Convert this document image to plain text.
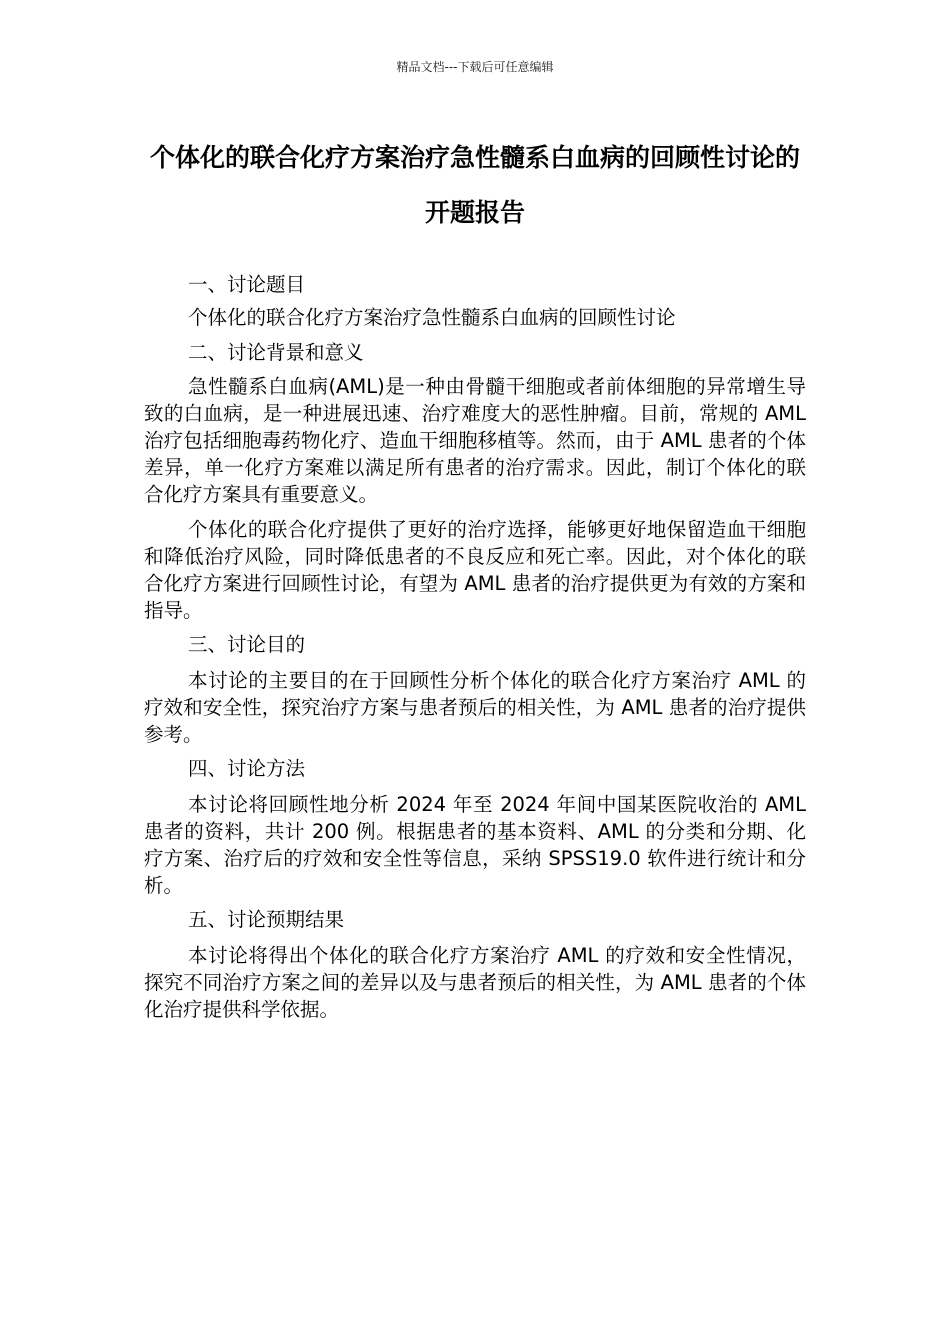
精品文档---下载后可任意编辑
个体化的联合化疗方案治疗急性髓系白血病的回顾性讨论的开题报告

一、讨论题目

个体化的联合化疗方案治疗急性髓系白血病的回顾性讨论

二、讨论背景和意义

急性髓系白血病(AML)是一种由骨髓干细胞或者前体细胞的异常增生导致的白血病，是一种进展迅速、治疗难度大的恶性肿瘤。目前，常规的 AML 治疗包括细胞毒药物化疗、造血干细胞移植等。然而，由于 AML 患者的个体差异，单一化疗方案难以满足所有患者的治疗需求。因此，制订个体化的联合化疗方案具有重要意义。

个体化的联合化疗提供了更好的治疗选择，能够更好地保留造血干细胞和降低治疗风险，同时降低患者的不良反应和死亡率。因此，对个体化的联合化疗方案进行回顾性讨论，有望为 AML 患者的治疗提供更为有效的方案和指导。

三、讨论目的

本讨论的主要目的在于回顾性分析个体化的联合化疗方案治疗 AML 的疗效和安全性，探究治疗方案与患者预后的相关性，为 AML 患者的治疗提供参考。

四、讨论方法

本讨论将回顾性地分析 2024 年至 2024 年间中国某医院收治的 AML 患者的资料，共计 200 例。根据患者的基本资料、AML 的分类和分期、化疗方案、治疗后的疗效和安全性等信息，采纳 SPSS19.0 软件进行统计和分析。

五、讨论预期结果

本讨论将得出个体化的联合化疗方案治疗 AML 的疗效和安全性情况，探究不同治疗方案之间的差异以及与患者预后的相关性，为 AML 患者的个体化治疗提供科学依据。
